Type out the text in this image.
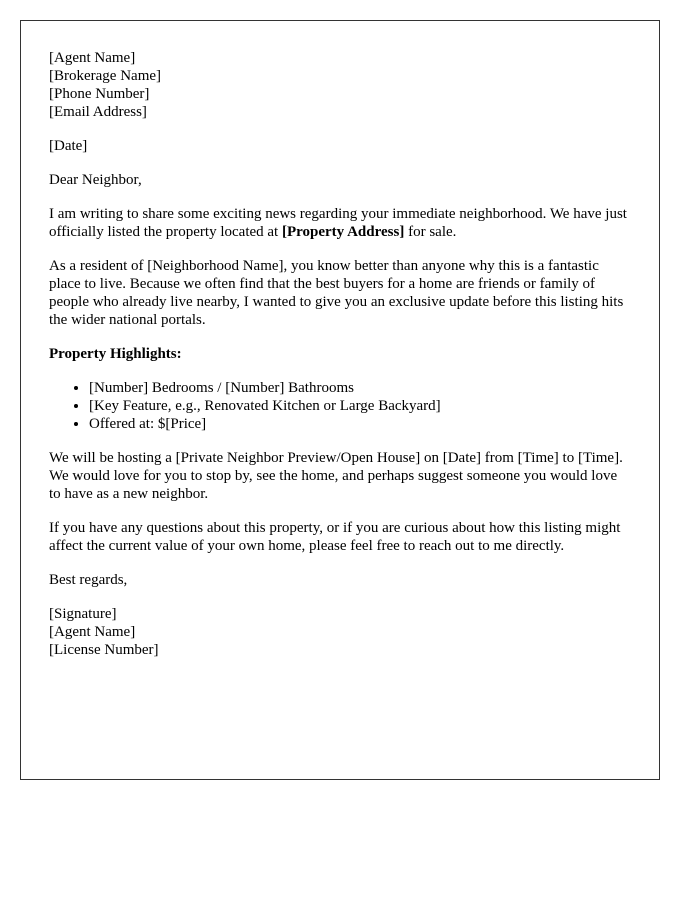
[Agent Name]
[Brokerage Name]
[Phone Number]
[Email Address]

[Date]

Dear Neighbor,

I am writing to share some exciting news regarding your immediate neighborhood. We have just officially listed the property located at [Property Address] for sale.

As a resident of [Neighborhood Name], you know better than anyone why this is a fantastic place to live. Because we often find that the best buyers for a home are friends or family of people who already live nearby, I wanted to give you an exclusive update before this listing hits the wider national portals.

Property Highlights:

• [Number] Bedrooms / [Number] Bathrooms
• [Key Feature, e.g., Renovated Kitchen or Large Backyard]
• Offered at: $[Price]

We will be hosting a [Private Neighbor Preview/Open House] on [Date] from [Time] to [Time]. We would love for you to stop by, see the home, and perhaps suggest someone you would love to have as a new neighbor.

If you have any questions about this property, or if you are curious about how this listing might affect the current value of your own home, please feel free to reach out to me directly.

Best regards,

[Signature]
[Agent Name]
[License Number]
